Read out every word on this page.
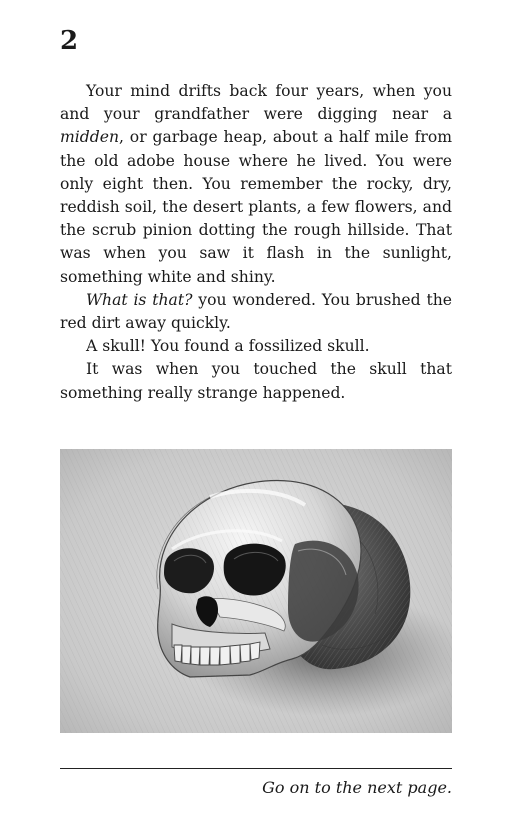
2

Your mind drifts back four years, when you and your grandfather were digging near a midden, or garbage heap, about a half mile from the old adobe house where he lived. You were only eight then. You remember the rocky, dry, reddish soil, the desert plants, a few flowers, and the scrub pinion dotting the rough hillside. That was when you saw it flash in the sunlight, something white and shiny.

What is that? you wondered. You brushed the red dirt away quickly.

A skull! You found a fossilized skull.

It was when you touched the skull that something really strange happened.

Go on to the next page.
